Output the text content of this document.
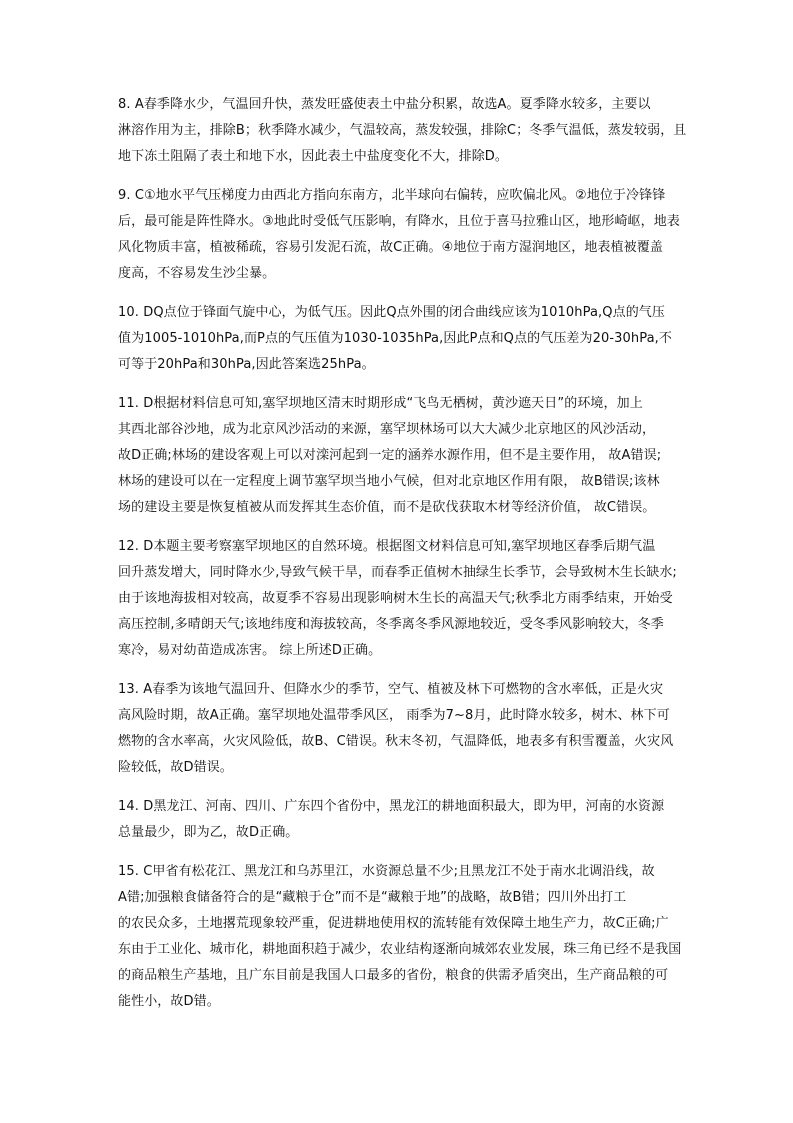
8. A春季降水少，气温回升快，蒸发旺盛使表土中盐分积累，故选A。夏季降水较多，主要以
淋溶作用为主，排除B；秋季降水减少，气温较高，蒸发较强，排除C；冬季气温低，蒸发较弱，且
地下冻土阻隔了表土和地下水，因此表土中盐度变化不大，排除D。
9. C①地水平气压梯度力由西北方指向东南方，北半球向右偏转，应吹偏北风。②地位于冷锋锋
后，最可能是阵性降水。③地此时受低气压影响，有降水，且位于喜马拉雅山区，地形崎岖，地表
风化物质丰富，植被稀疏，容易引发泥石流，故C正确。④地位于南方湿润地区，地表植被覆盖
度高，不容易发生沙尘暴。
10. DQ点位于锋面气旋中心，为低气压。因此Q点外围的闭合曲线应该为1010hPa,Q点的气压
值为1005-1010hPa,而P点的气压值为1030-1035hPa,因此P点和Q点的气压差为20-30hPa,不
可等于20hPa和30hPa,因此答案选25hPa。
11. D根据材料信息可知,塞罕坝地区清末时期形成“飞鸟无栖树，黄沙遮天日”的环境，加上
其西北部谷沙地，成为北京风沙活动的来源，塞罕坝林场可以大大减少北京地区的风沙活动，
故D正确;林场的建设客观上可以对滦河起到一定的涵养水源作用，但不是主要作用， 故A错误;
林场的建设可以在一定程度上调节塞罕坝当地小气候，但对北京地区作用有限， 故B错误;该林
场的建设主要是恢复植被从而发挥其生态价值，而不是砍伐获取木材等经济价值， 故C错误。
12. D本题主要考察塞罕坝地区的自然环境。根据图文材料信息可知,塞罕坝地区春季后期气温
回升蒸发增大，同时降水少,导致气候干旱，而春季正值树木抽绿生长季节，会导致树木生长缺水;
由于该地海拔相对较高，故夏季不容易出现影响树木生长的高温天气;秋季北方雨季结束，开始受
高压控制,多晴朗天气;该地纬度和海拔较高，冬季离冬季风源地较近，受冬季风影响较大，冬季
寒冷，易对幼苗造成冻害。 综上所述D正确。
13. A春季为该地气温回升、但降水少的季节，空气、植被及林下可燃物的含水率低，正是火灾
高风险时期，故A正确。塞罕坝地处温带季风区， 雨季为7~8月，此时降水较多，树木、林下可
燃物的含水率高，火灾风险低，故B、C错误。秋末冬初，气温降低，地表多有积雪覆盖，火灾风
险较低，故D错误。
14. D黑龙江、河南、四川、广东四个省份中，黑龙江的耕地面积最大，即为甲，河南的水资源
总量最少，即为乙，故D正确。
15. C甲省有松花江、黑龙江和乌苏里江，水资源总量不少;且黑龙江不处于南水北调沿线，故
A错;加强粮食储备符合的是“藏粮于仓”而不是“藏粮于地”的战略，故B错；四川外出打工
的农民众多，土地撂荒现象较严重，促进耕地使用权的流转能有效保障土地生产力，故C正确;广
东由于工业化、城市化，耕地面积趋于减少，农业结构逐渐向城郊农业发展，珠三角已经不是我国
的商品粮生产基地，且广东目前是我国人口最多的省份，粮食的供需矛盾突出，生产商品粮的可
能性小，故D错。
